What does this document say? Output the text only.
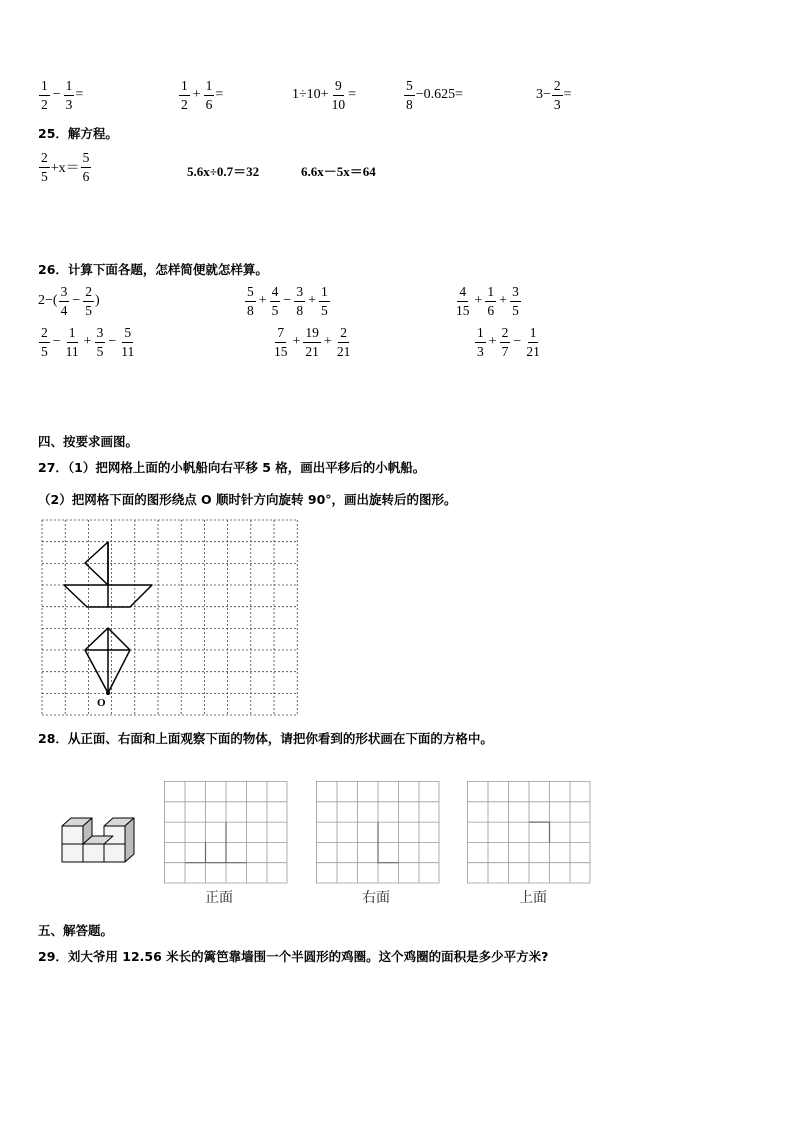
$\frac{1}{2} - \frac{1}{3}$ =	$\frac{1}{2} + \frac{1}{6}$ =	$1\div 10+ \frac{9}{10}$ =	$\frac{5}{8} -0.625$ =	$3- \frac{2}{3}$ =
25．解方程。
$\frac{2}{5} +x= \frac{5}{6}$	5.6x÷0.7＝32	6.6x－5x＝64
26．计算下面各题，怎样简便就怎样算。
$2-( \frac{3}{4} - \frac{2}{5}$ )	$\frac{5}{8} + \frac{4}{5} - \frac{3}{8} + \frac{1}{5}$	$\frac{4}{15} + \frac{1}{6} + \frac{3}{5}$
$\frac{2}{5} - \frac{1}{11} + \frac{3}{5} - \frac{5}{11}$	$\frac{7}{15} + \frac{19}{21} + \frac{2}{21}$	$\frac{1}{3} + \frac{2}{7} - \frac{1}{21}$
四、按要求画图。
27．（1）把网格上面的小帆船向右平移 5 格，画出平移后的小帆船。
（2）把网格下面的图形绕点 O 顺时针方向旋转 90°，画出旋转后的图形。
O
28．从正面、右面和上面观察下面的物体，请把你看到的形状画在下面的方格中。
正面	右面	上面
五、解答题。
29．刘大爷用 12.56 米长的篱笆靠墙围一个半圆形的鸡圈。这个鸡圈的面积是多少平方米?
